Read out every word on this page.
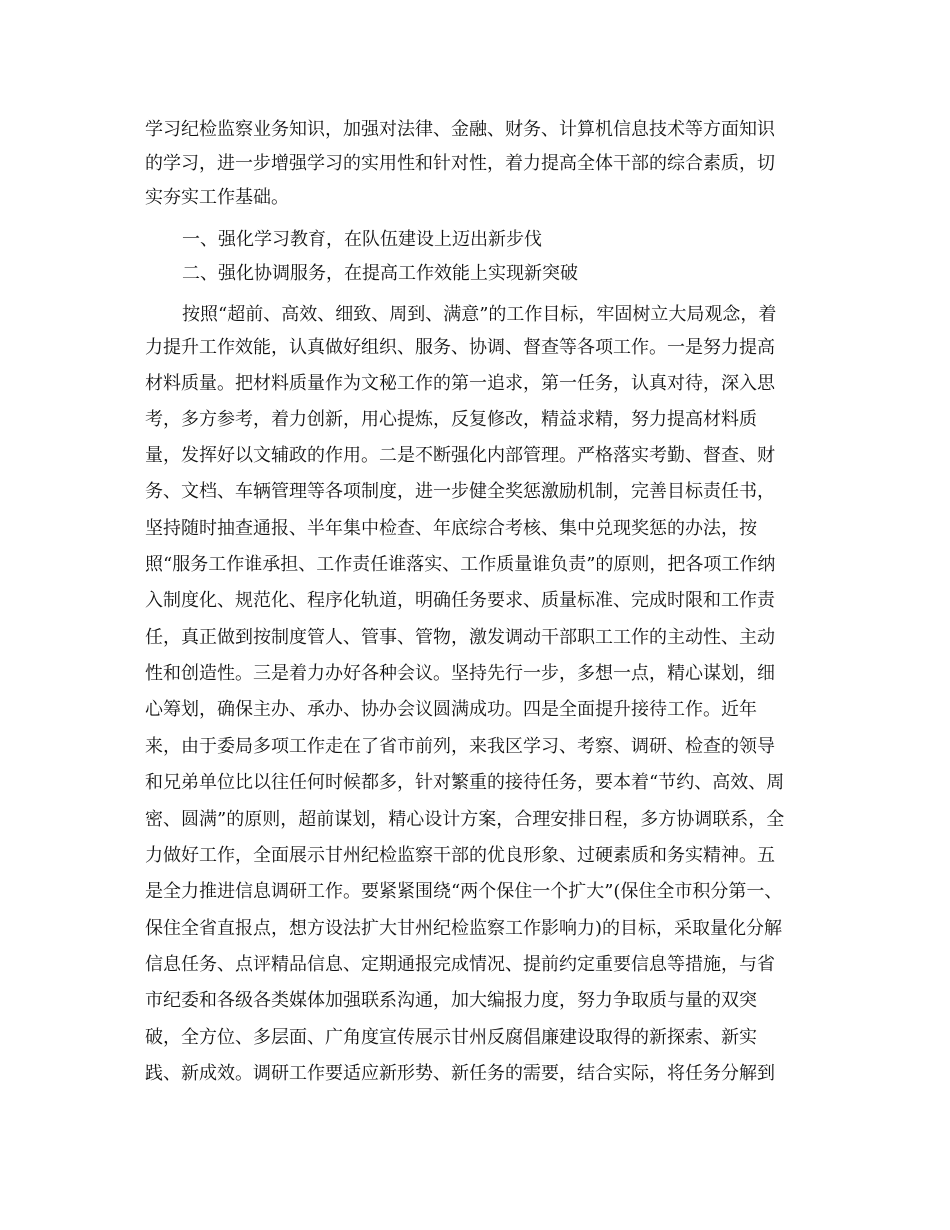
学习纪检监察业务知识，加强对法律、金融、财务、计算机信息技术等方面知识
的学习，进一步增强学习的实用性和针对性，着力提高全体干部的综合素质，切
实夯实工作基础。
一、强化学习教育，在队伍建设上迈出新步伐
二、强化协调服务，在提高工作效能上实现新突破
按照“超前、高效、细致、周到、满意”的工作目标，牢固树立大局观念，着
力提升工作效能，认真做好组织、服务、协调、督查等各项工作。一是努力提高
材料质量。把材料质量作为文秘工作的第一追求，第一任务，认真对待，深入思
考，多方参考，着力创新，用心提炼，反复修改，精益求精，努力提高材料质
量，发挥好以文辅政的作用。二是不断强化内部管理。严格落实考勤、督查、财
务、文档、车辆管理等各项制度，进一步健全奖惩激励机制，完善目标责任书，
坚持随时抽查通报、半年集中检查、年底综合考核、集中兑现奖惩的办法，按
照“服务工作谁承担、工作责任谁落实、工作质量谁负责”的原则，把各项工作纳
入制度化、规范化、程序化轨道，明确任务要求、质量标准、完成时限和工作责
任，真正做到按制度管人、管事、管物，激发调动干部职工工作的主动性、主动
性和创造性。三是着力办好各种会议。坚持先行一步，多想一点，精心谋划，细
心筹划，确保主办、承办、协办会议圆满成功。四是全面提升接待工作。近年
来，由于委局多项工作走在了省市前列，来我区学习、考察、调研、检查的领导
和兄弟单位比以往任何时候都多，针对繁重的接待任务，要本着“节约、高效、周
密、圆满”的原则，超前谋划，精心设计方案，合理安排日程，多方协调联系，全
力做好工作，全面展示甘州纪检监察干部的优良形象、过硬素质和务实精神。五
是全力推进信息调研工作。要紧紧围绕“两个保住一个扩大”(保住全市积分第一、
保住全省直报点，想方设法扩大甘州纪检监察工作影响力)的目标，采取量化分解
信息任务、点评精品信息、定期通报完成情况、提前约定重要信息等措施，与省
市纪委和各级各类媒体加强联系沟通，加大编报力度，努力争取质与量的双突
破，全方位、多层面、广角度宣传展示甘州反腐倡廉建设取得的新探索、新实
践、新成效。调研工作要适应新形势、新任务的需要，结合实际，将任务分解到
